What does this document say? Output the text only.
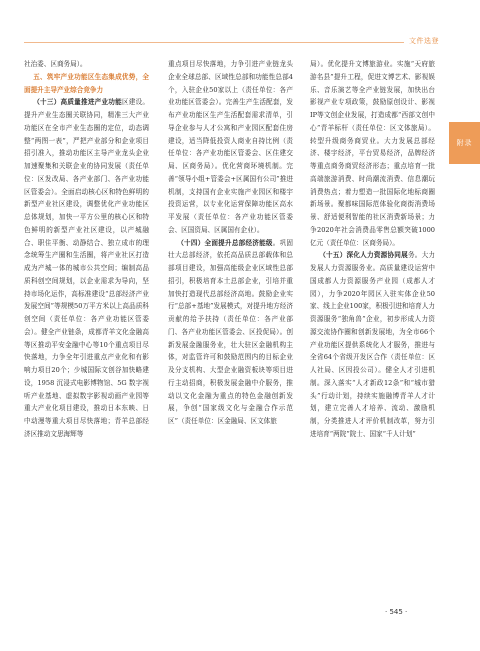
文件选登
附录

社治委、区商务局）。

五、筑牢产业功能区生态集成优势，全面提升主导产业综合竞争力

（十三）高质量推进产业功能区建设。提升产业生态圈关联协同，精准三大产业功能区在全市产业生态圈的定位，动态调整“两图一表”，严把产业部分和企业项目招引准入，推动功能区主导产业龙头企业加速聚集和关联企业的协同发展（责任单位：区发改局、各产业部门、各产业功能区管委会）。全面启动核心区和特色鲜明的新型产业社区建设，调整优化产业功能区总体规划，加快一平方公里的核心区和特色鲜明的新型产业社区建设，以产城融合、职住平衡、动静结合、独立成市的理念统筹生产圈和生活圈，将产业社区打造成为产城一体的城市公共空间；编制高品质科创空间规划，以企业需求为导向，坚持市场化运作，高标准建设“总部经济产业发展空间”等规模50万平方米以上高品质科创空间（责任单位：各产业功能区管委会）。健全产业链条，成都青羊文化金融高等区推动平安金融中心等10个重点项目尽快落地，力争全年引进重点产业化和有影响力项目20个；少城国际文创谷加快略建设，1958 沉浸式电影博物馆、5G 数字视听产业基地、虚拟数字影视动画产业园等重大产业化项目建设，推动日本东映、日中动漫等重大项目尽快落地；青羊总部经济区推动文思海辉等

重点项目尽快落地，力争引进产业链龙头企业全球总部、区域性总部和功能性总部4个，入驻企业50家以上（责任单位：各产业功能区管委会）。完善生产生活配套，发布产业功能区生产生活配套需求清单，引导企业参与人才公寓和产业园区配套住房建设，适当降低投资人商业自持比例（责任单位：各产业功能区管委会、区住建交局、区商务局）。优化营商环境机制。完善“领导小组+管委会+区属国有公司”推进机制，支持国有企业实施产业园区和楼宇投资运营，以专业化运营保障功能区高水平发展（责任单位：各产业功能区管委会、区国资局、区属国有企业）。

（十四）全面提升总部经济能级。巩固壮大总部经济，依托高品质总部载体和总部项目建设，加强高能级企业区域性总部招引，积极培育本土总部企业，引培并重加快打造现代总部经济高地。鼓励企业实行“总部+基地”发展模式，对提升地方经济贡献的给予扶持（责任单位：各产业部门、各产业功能区管委会、区投促局）。创新发展金融服务业，壮大驻区金融机构主体，对监管许可和鼓励范围内的目标企业及分支机构、大型企业融资板块等项目进行主动招商，积极发展金融中介服务，推动以文化金融为重点的特色金融创新发展，争创“国家级文化与金融合作示范区”（责任单位：区金融局、区文体旅

局）。优化提升文博旅游业。实施“天府旅游名县”提升工程，促进文博艺术、影视娱乐、音乐演艺等全产业链发展，加快出台影视产业专项政策，鼓励原创设计、影视IP等文创企业发展，打造成都“西部文创中心”青羊标杆（责任单位：区文体旅局）。转型升级商务商贸业。大力发展总部经济、楼宇经济，平台贸易经济，品牌经济等重点商务商贸经济形态；重点培育一批高端旅游消费、时尚潮流消费、信息潮玩消费热点；着力塑造一批国际化地标商圈新场景。聚都味国际范体验化商街消费场景、舒适便利智能的社区消费新场景；力争2020年社会消费品零售总额突破1000亿元（责任单位：区商务局）。

（十五）深化人力资源协同展务。大力发展人力资源服务业。高质量建设运营中国成都人力资源服务产业园（成都人才园），力争2020年园区入驻实体企业50家、线上企业100家，积极引进和培育人力资源服务“独角兽”企业，初步形成人力资源交流协作圈和创新发展地，为全市66个产业功能区提供系统化人才服务，推进与全省64个省级开发区合作（责任单位：区人社局、区因投公司）。健全人才引进机制。深入落实“人才新政12条”和“城市猎头”行动计划，持续实施融博青羊人才计划，建立完善人才培养、流动、激励机制，分类推进人才评价机制改革，努力引进培育“两院”院士、国家“千人计划”

· 545 ·
